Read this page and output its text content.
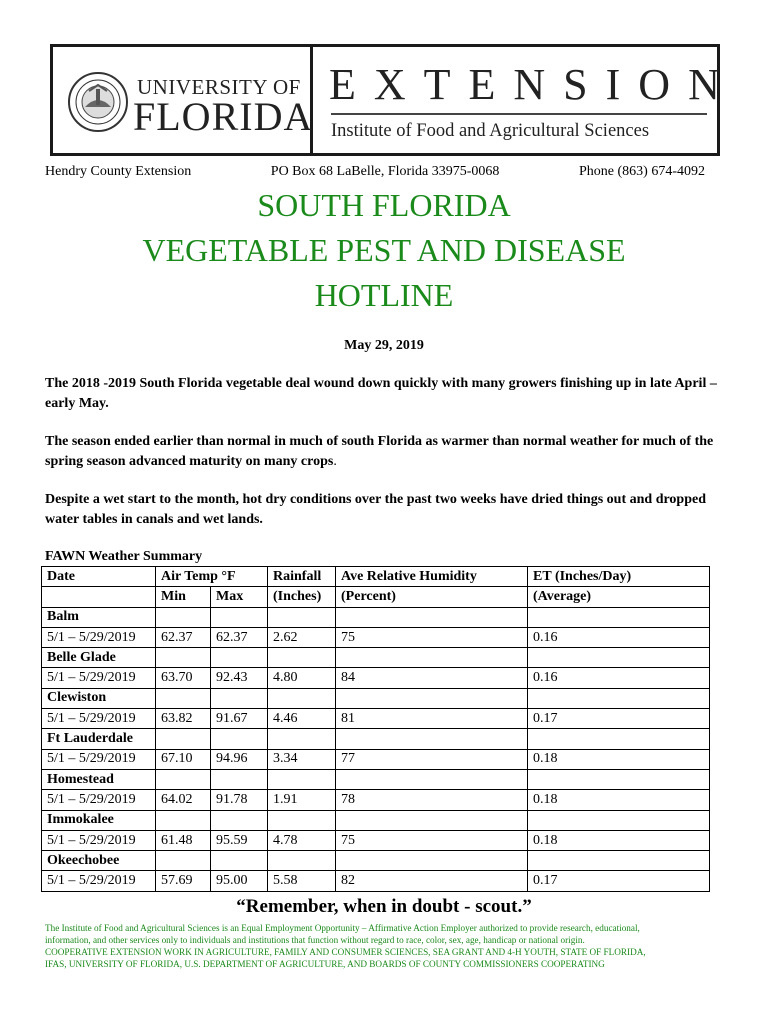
UNIVERSITY OF
FLORIDA
EXTENSION
Institute of Food and Agricultural Sciences
Hendry County Extension	PO Box 68 LaBelle, Florida 33975-0068	Phone (863) 674-4092
SOUTH FLORIDA
VEGETABLE PEST AND DISEASE
HOTLINE
May 29, 2019
The 2018 -2019 South Florida vegetable deal wound down quickly with many growers finishing up in late April – early May.
The season ended earlier than normal in much of south Florida as warmer than normal weather for much of the spring season advanced maturity on many crops.
Despite a wet start to the month, hot dry conditions over the past two weeks have dried things out and dropped water tables in canals and wet lands.
FAWN Weather Summary
Date	Air Temp °F		Rainfall	Ave Relative Humidity	ET (Inches/Day)
	Min	Max	(Inches)	(Percent)	(Average)
Balm					
5/1 – 5/29/2019	62.37	62.37	2.62	75	0.16
Belle Glade					
5/1 – 5/29/2019	63.70	92.43	4.80	84	0.16
Clewiston					
5/1 – 5/29/2019	63.82	91.67	4.46	81	0.17
Ft Lauderdale					
5/1 – 5/29/2019	67.10	94.96	3.34	77	0.18
Homestead					
5/1 – 5/29/2019	64.02	91.78	1.91	78	0.18
Immokalee					
5/1 – 5/29/2019	61.48	95.59	4.78	75	0.18
Okeechobee					
5/1 – 5/29/2019	57.69	95.00	5.58	82	0.17
“Remember, when in doubt - scout.”
The Institute of Food and Agricultural Sciences is an Equal Employment Opportunity – Affirmative Action Employer authorized to provide research, educational,
information, and other services only to individuals and institutions that function without regard to race, color, sex, age, handicap or national origin.
COOPERATIVE EXTENSION WORK IN AGRICULTURE, FAMILY AND CONSUMER SCIENCES, SEA GRANT AND 4-H YOUTH, STATE OF FLORIDA,
IFAS, UNIVERSITY OF FLORIDA, U.S. DEPARTMENT OF AGRICULTURE, AND BOARDS OF COUNTY COMMISSIONERS COOPERATING
